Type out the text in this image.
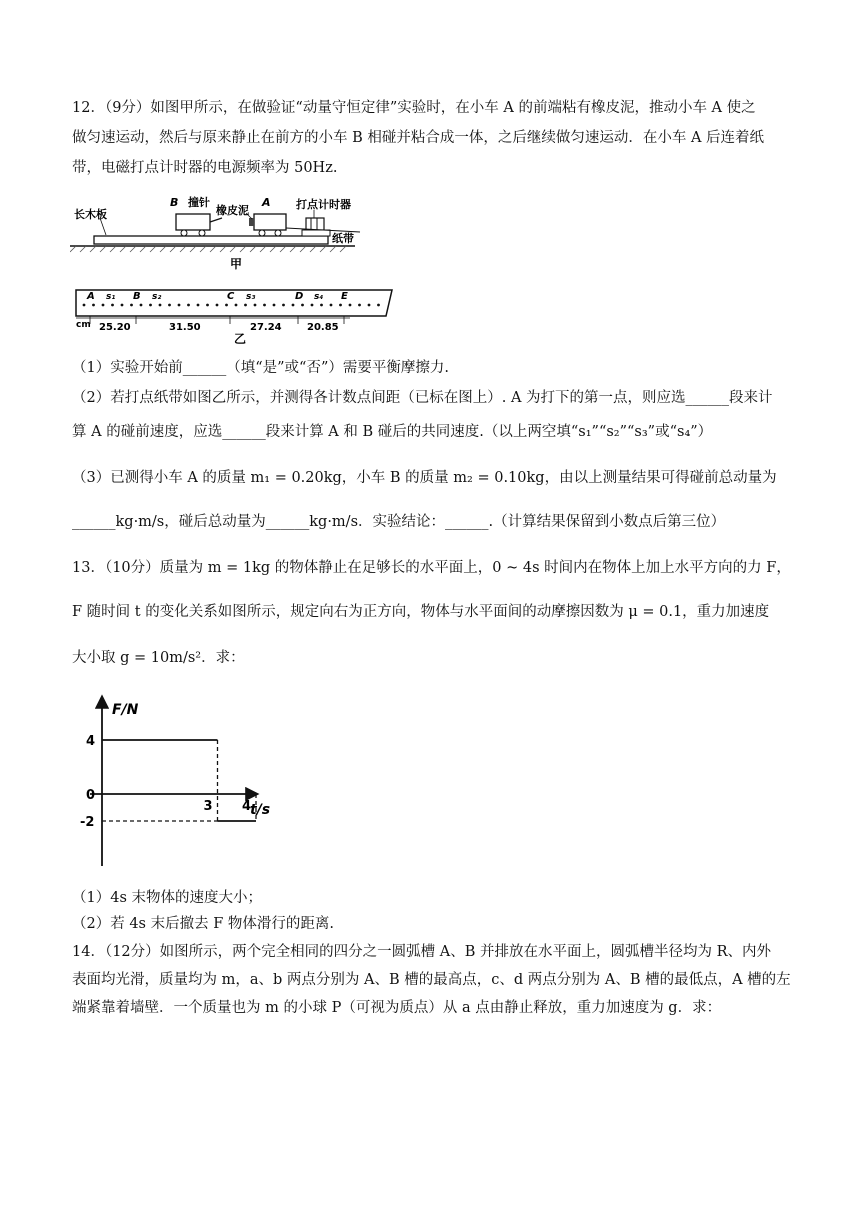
12．（9分）如图甲所示，在做验证“动量守恒定律”实验时，在小车 A 的前端粘有橡皮泥，推动小车 A 使之

做匀速运动，然后与原来静止在前方的小车 B 相碰并粘合成一体，之后继续做匀速运动．在小车 A 后连着纸

带，电磁打点计时器的电源频率为 50Hz.

长木板
B 撞针
橡皮泥
A 打点计时器
纸带
甲
A	B	C	D	E
s₁	s₂	s₃	s₄
cm 25.20	31.50	27.24	20.85
乙

（1）实验开始前______（填“是”或“否”）需要平衡摩擦力.

（2）若打点纸带如图乙所示，并测得各计数点间距（已标在图上）. A 为打下的第一点，则应选______段来计

算 A 的碰前速度，应选______段来计算 A 和 B 碰后的共同速度.（以上两空填“s₁”“s₂”“s₃”或“s₄”）

（3）已测得小车 A 的质量 m₁ = 0.20kg，小车 B 的质量 m₂ = 0.10kg，由以上测量结果可得碰前总动量为

______kg·m/s，碰后总动量为______kg·m/s．实验结论：______.（计算结果保留到小数点后第三位）

13．（10分）质量为 m = 1kg 的物体静止在足够长的水平面上，0 ~ 4s 时间内在物体上加上水平方向的力 F，

F 随时间 t 的变化关系如图所示，规定向右为正方向，物体与水平面间的动摩擦因数为 μ = 0.1，重力加速度

大小取 g = 10m/s²．求：

F/N
t/s
4
0
-2
3 4

（1）4s 末物体的速度大小；

（2）若 4s 末后撤去 F 物体滑行的距离.

14．（12分）如图所示，两个完全相同的四分之一圆弧槽 A、B 并排放在水平面上，圆弧槽半径均为 R、内外

表面均光滑，质量均为 m，a、b 两点分别为 A、B 槽的最高点，c、d 两点分别为 A、B 槽的最低点，A 槽的左

端紧靠着墙壁．一个质量也为 m 的小球 P（可视为质点）从 a 点由静止释放，重力加速度为 g．求：
